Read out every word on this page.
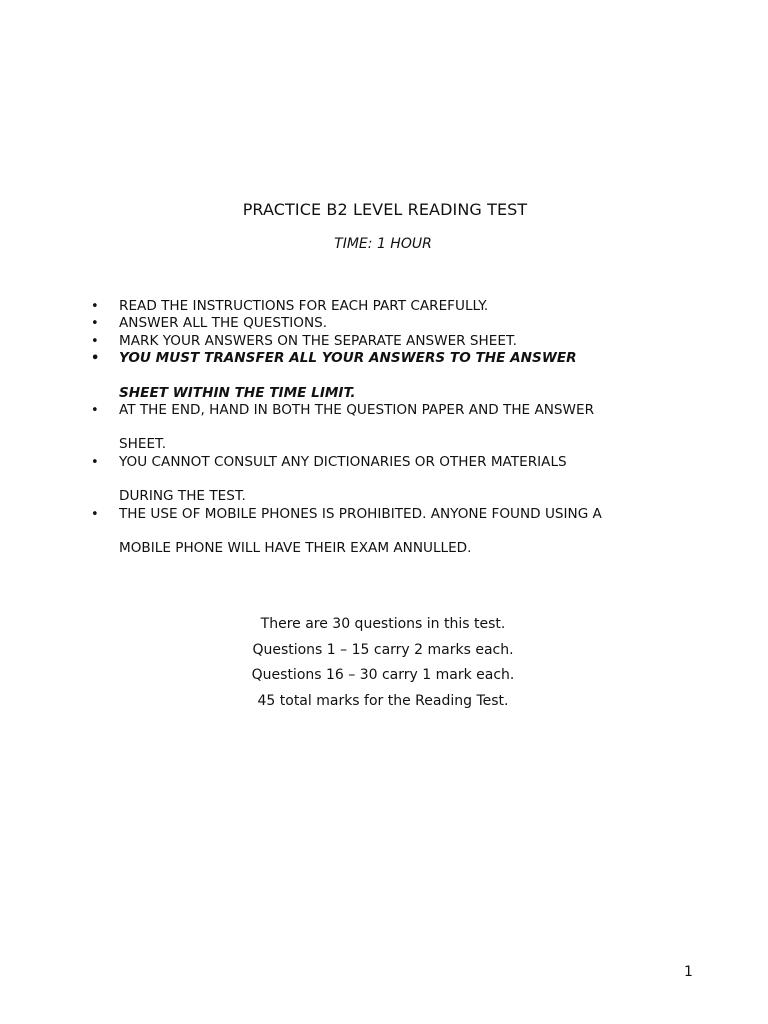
PRACTICE B2 LEVEL READING TEST
TIME: 1 HOUR
• READ THE INSTRUCTIONS FOR EACH PART CAREFULLY.
• ANSWER ALL THE QUESTIONS.
• MARK YOUR ANSWERS ON THE SEPARATE ANSWER SHEET.
• YOU MUST TRANSFER ALL YOUR ANSWERS TO THE ANSWER
SHEET WITHIN THE TIME LIMIT.
• AT THE END, HAND IN BOTH THE QUESTION PAPER AND THE ANSWER
SHEET.
• YOU CANNOT CONSULT ANY DICTIONARIES OR OTHER MATERIALS
DURING THE TEST.
• THE USE OF MOBILE PHONES IS PROHIBITED. ANYONE FOUND USING A
MOBILE PHONE WILL HAVE THEIR EXAM ANNULLED.
There are 30 questions in this test.
Questions 1 – 15 carry 2 marks each.
Questions 16 – 30 carry 1 mark each.
45 total marks for the Reading Test.
1
